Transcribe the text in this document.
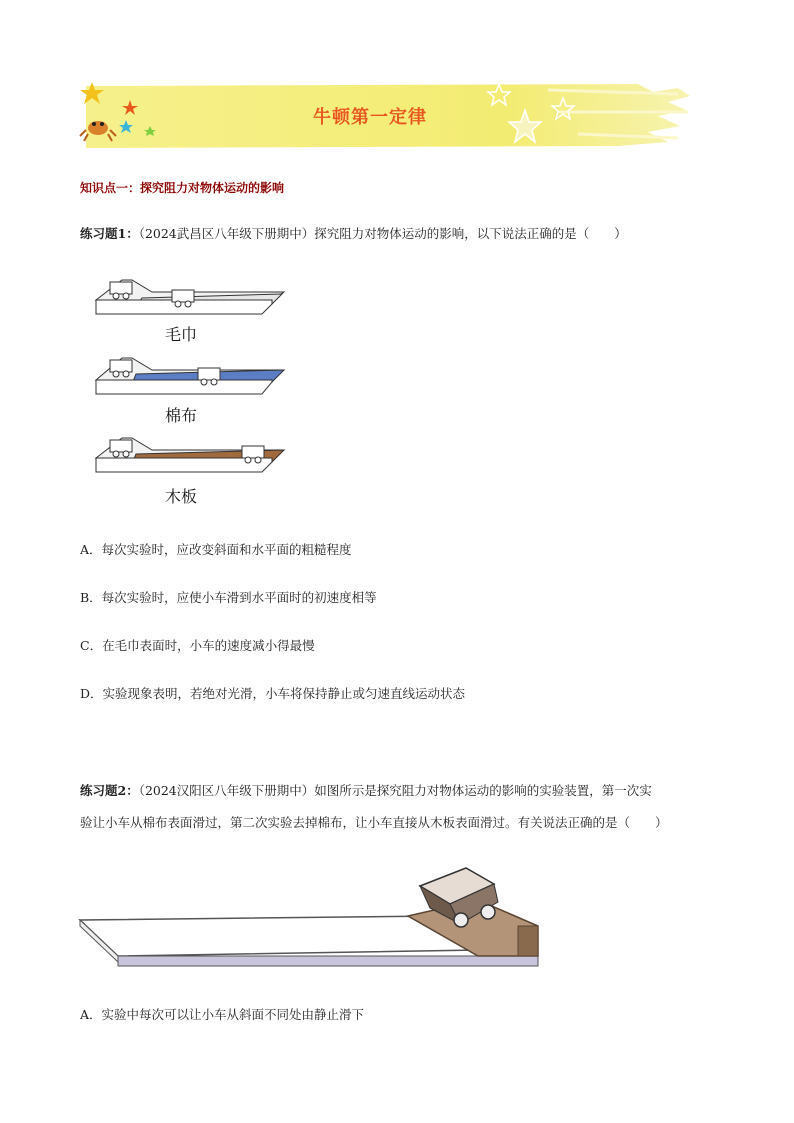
牛顿第一定律
知识点一：探究阻力对物体运动的影响
练习题1：（2024武昌区八年级下册期中）探究阻力对物体运动的影响，以下说法正确的是（　　）
毛巾
棉布
木板
A．每次实验时，应改变斜面和水平面的粗糙程度
B．每次实验时，应使小车滑到水平面时的初速度相等
C．在毛巾表面时，小车的速度减小得最慢
D．实验现象表明，若绝对光滑，小车将保持静止或匀速直线运动状态
练习题2：（2024汉阳区八年级下册期中）如图所示是探究阻力对物体运动的影响的实验装置，第一次实
验让小车从棉布表面滑过，第二次实验去掉棉布，让小车直接从木板表面滑过。有关说法正确的是（　　）
A．实验中每次可以让小车从斜面不同处由静止滑下
